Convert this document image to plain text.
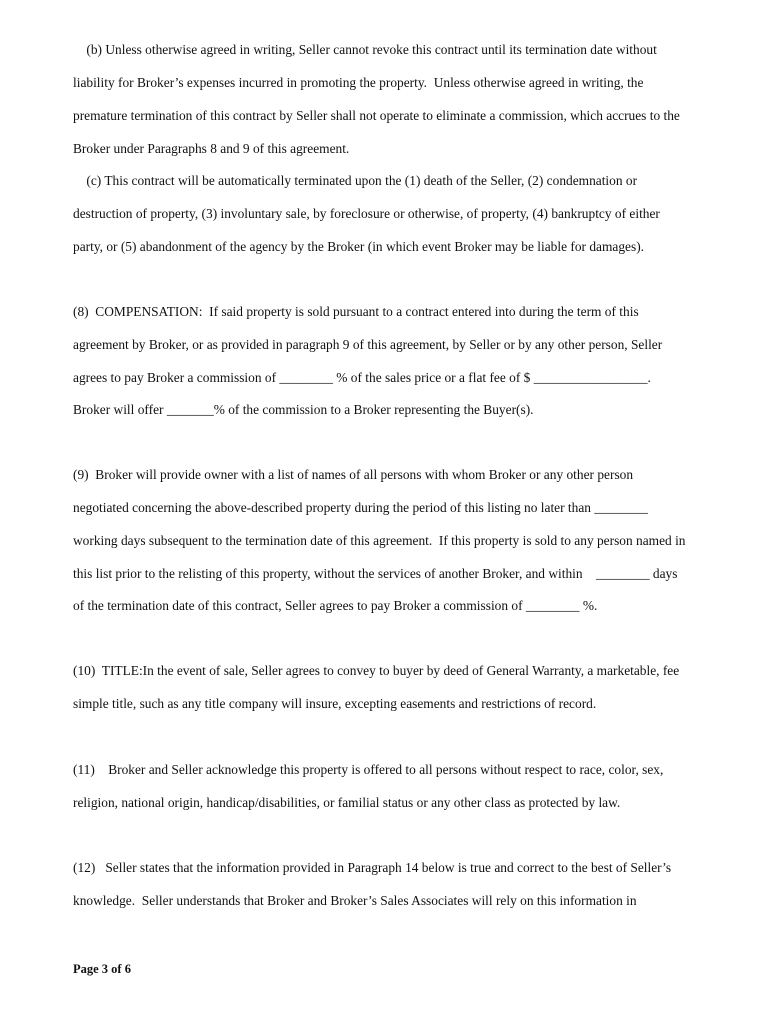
(b) Unless otherwise agreed in writing, Seller cannot revoke this contract until its termination date without
liability for Broker’s expenses incurred in promoting the property.  Unless otherwise agreed in writing, the
premature termination of this contract by Seller shall not operate to eliminate a commission, which accrues to the
Broker under Paragraphs 8 and 9 of this agreement.
(c) This contract will be automatically terminated upon the (1) death of the Seller, (2) condemnation or
destruction of property, (3) involuntary sale, by foreclosure or otherwise, of property, (4) bankruptcy of either
party, or (5) abandonment of the agency by the Broker (in which event Broker may be liable for damages).
(8)  COMPENSATION:  If said property is sold pursuant to a contract entered into during the term of this
agreement by Broker, or as provided in paragraph 9 of this agreement, by Seller or by any other person, Seller
agrees to pay Broker a commission of ________ % of the sales price or a flat fee of $ _________________.
Broker will offer _______% of the commission to a Broker representing the Buyer(s).
(9)  Broker will provide owner with a list of names of all persons with whom Broker or any other person
negotiated concerning the above-described property during the period of this listing no later than ________
working days subsequent to the termination date of this agreement.  If this property is sold to any person named in
this list prior to the relisting of this property, without the services of another Broker, and within    ________ days
of the termination date of this contract, Seller agrees to pay Broker a commission of ________ %.
(10)  TITLE:In the event of sale, Seller agrees to convey to buyer by deed of General Warranty, a marketable, fee
simple title, such as any title company will insure, excepting easements and restrictions of record.
(11)    Broker and Seller acknowledge this property is offered to all persons without respect to race, color, sex,
religion, national origin, handicap/disabilities, or familial status or any other class as protected by law.
(12)   Seller states that the information provided in Paragraph 14 below is true and correct to the best of Seller’s
knowledge.  Seller understands that Broker and Broker’s Sales Associates will rely on this information in
Page 3 of 6
